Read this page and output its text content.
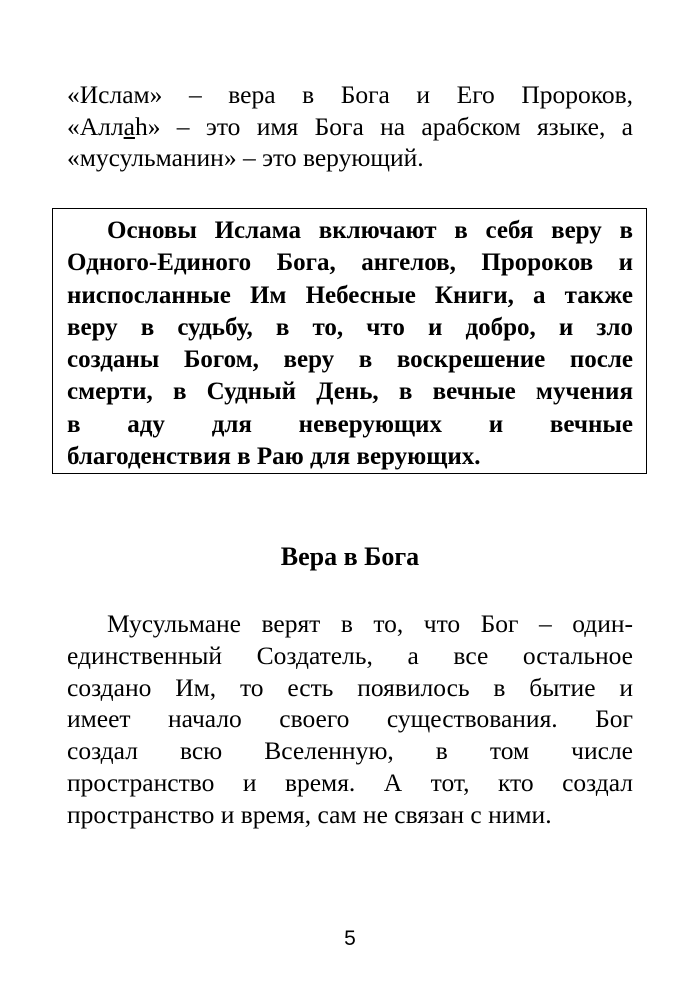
«Ислам» – вера в Бога и Его Пророков,
«Аллаh» – это имя Бога на арабском языке, а
«мусульманин» – это верующий.

Основы Ислама включают в себя веру в
Одного-Единого Бога, ангелов, Пророков и
ниспосланные Им Небесные Книги, а также
веру в судьбу, в то, что и добро, и зло
созданы Богом, веру в воскрешение после
смерти, в Судный День, в вечные мучения
в аду для неверующих и вечные
благоденствия в Раю для верующих.

Вера в Бога

Мусульмане верят в то, что Бог – один-
единственный Создатель, а все остальное
создано Им, то есть появилось в бытие и
имеет начало своего существования. Бог
создал всю Вселенную, в том числе
пространство и время. А тот, кто создал
пространство и время, сам не связан с ними.

5
